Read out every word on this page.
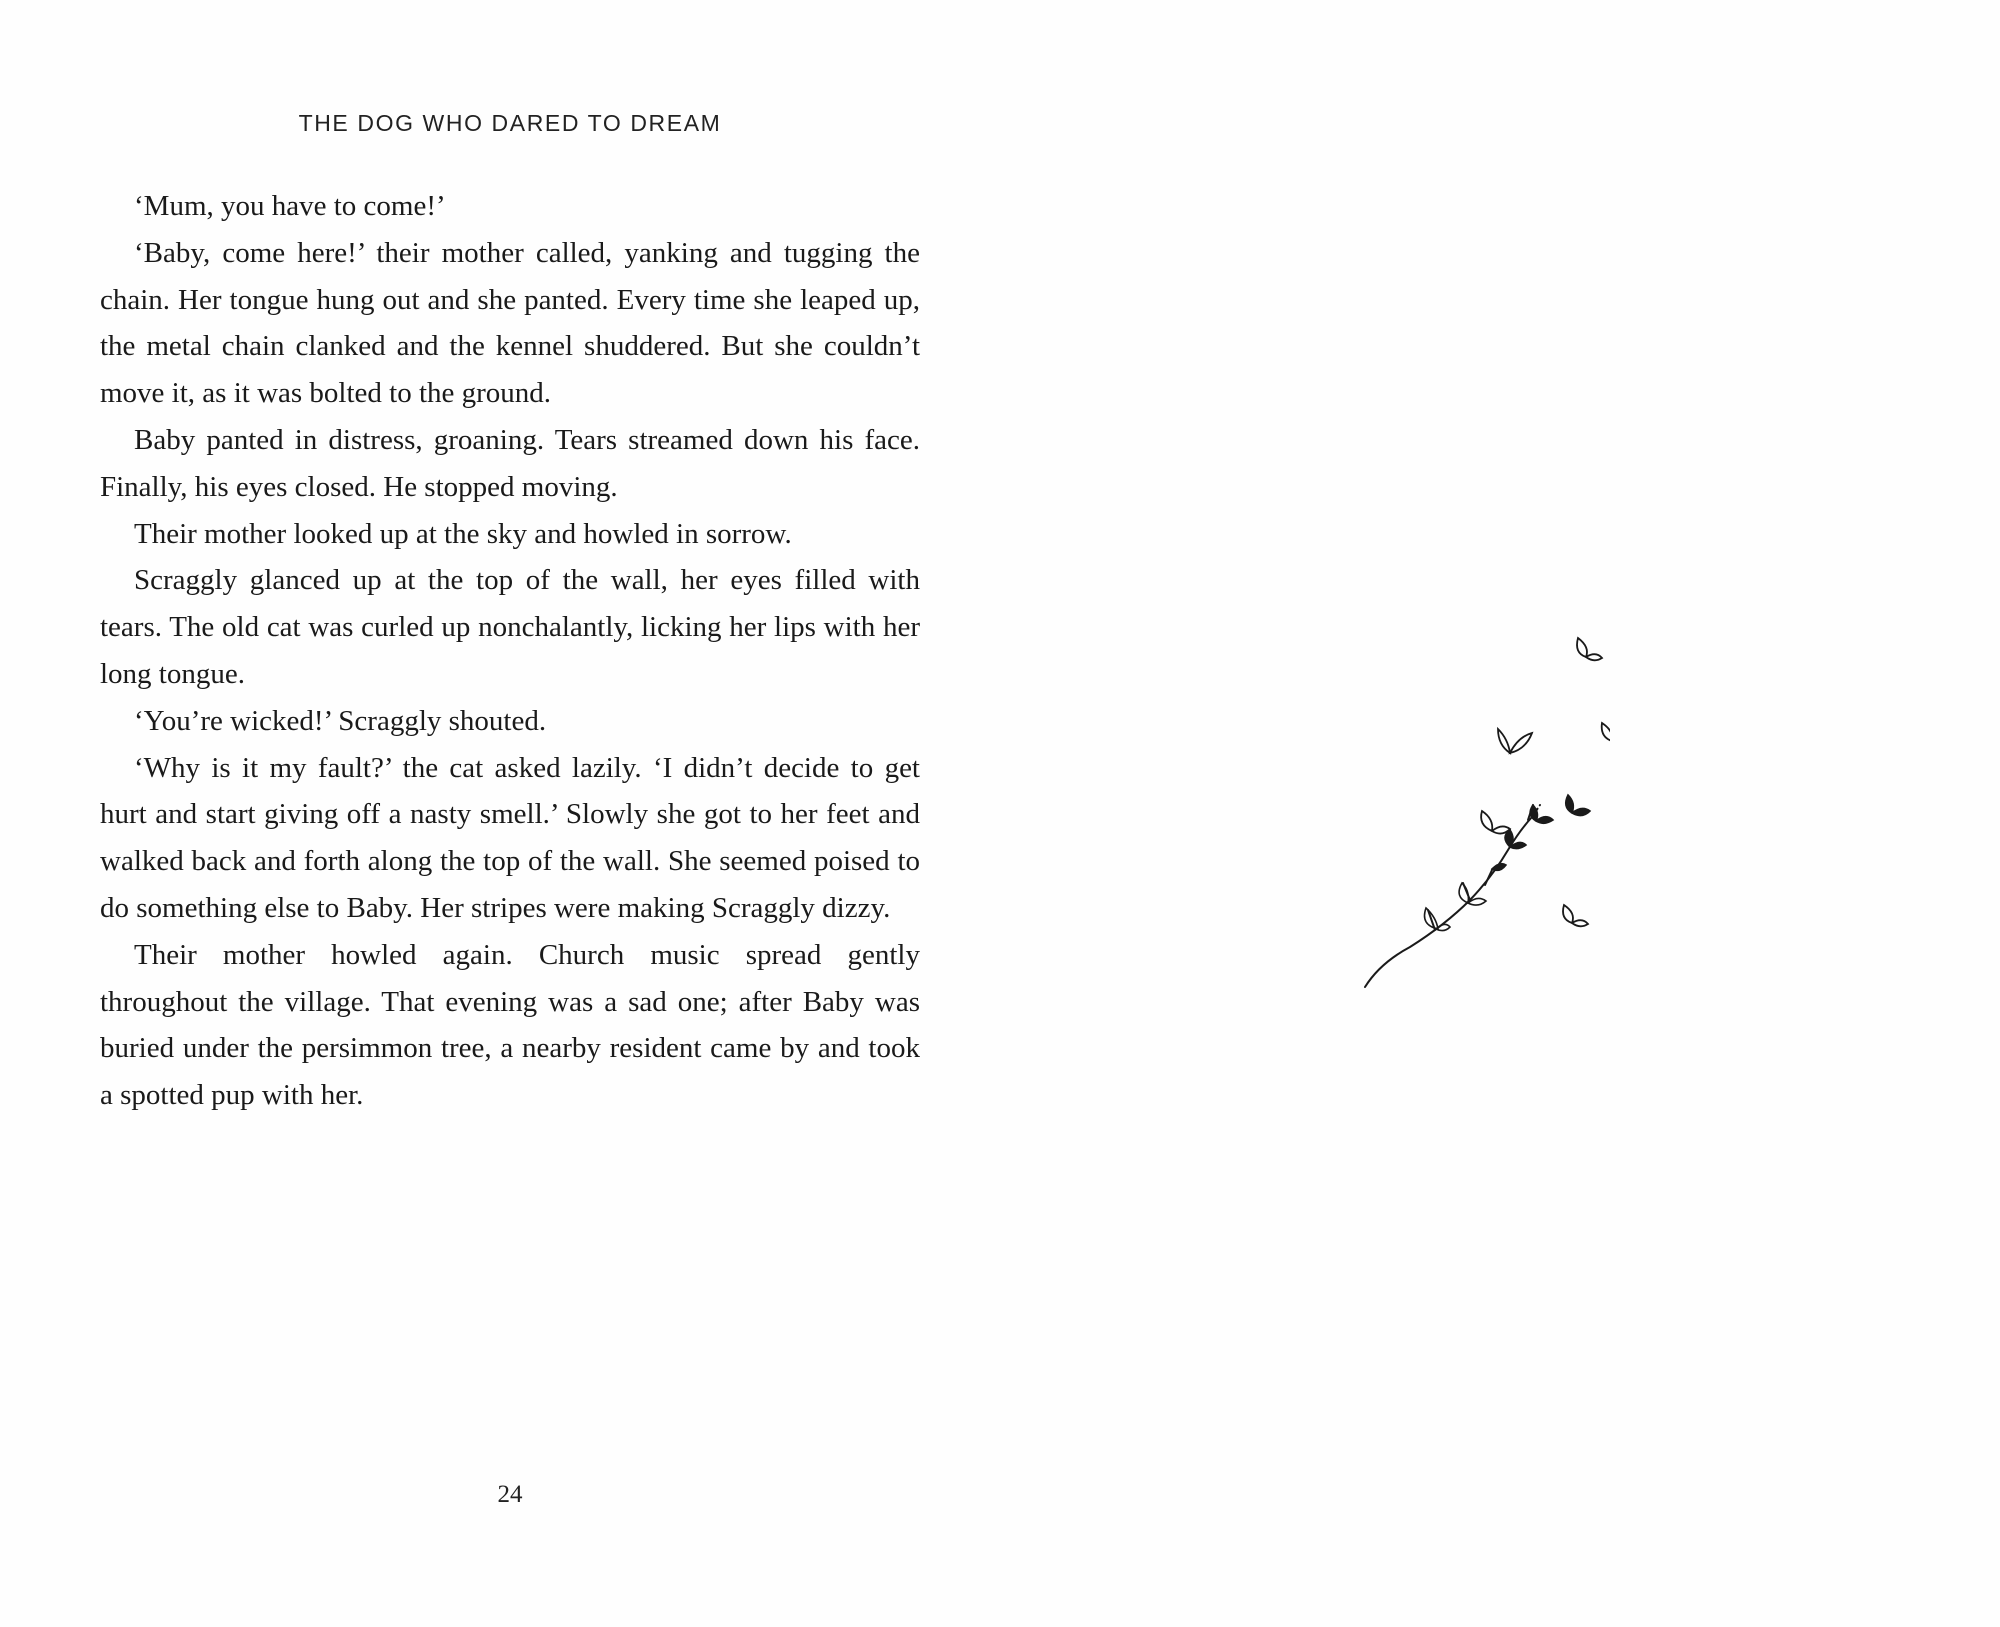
THE DOG WHO DARED TO DREAM

‘Mum, you have to come!’

‘Baby, come here!’ their mother called, yanking and tugging the chain. Her tongue hung out and she panted. Every time she leaped up, the metal chain clanked and the kennel shuddered. But she couldn’t move it, as it was bolted to the ground.

Baby panted in distress, groaning. Tears streamed down his face. Finally, his eyes closed. He stopped moving.

Their mother looked up at the sky and howled in sorrow.

Scraggly glanced up at the top of the wall, her eyes filled with tears. The old cat was curled up nonchalantly, licking her lips with her long tongue.

‘You’re wicked!’ Scraggly shouted.

‘Why is it my fault?’ the cat asked lazily. ‘I didn’t decide to get hurt and start giving off a nasty smell.’ Slowly she got to her feet and walked back and forth along the top of the wall. She seemed poised to do something else to Baby. Her stripes were making Scraggly dizzy.

Their mother howled again. Church music spread gently throughout the village. That evening was a sad one; after Baby was buried under the persimmon tree, a nearby resident came by and took a spotted pup with her.

24
